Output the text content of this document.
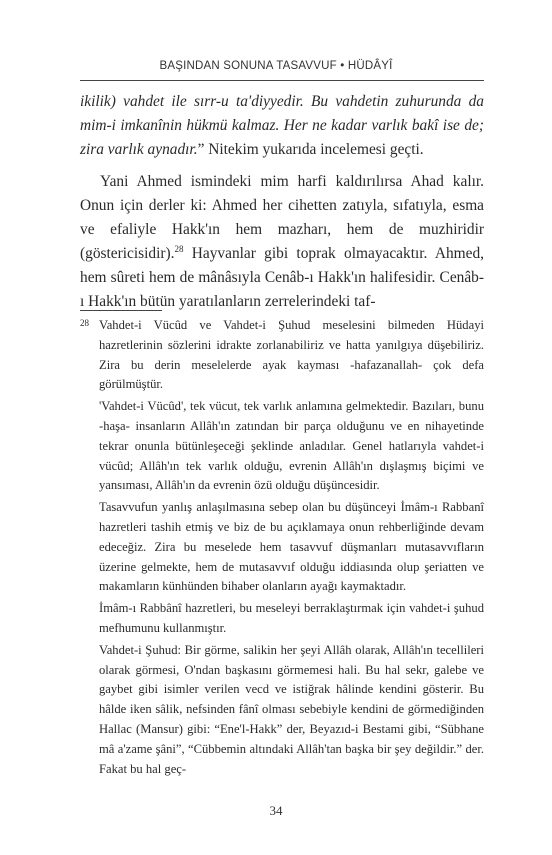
BAŞINDAN SONUNA TASAVVUF • HÜDÂYÎ

ikilik) vahdet ile sırr-u ta'diyyedir. Bu vahdetin zuhurunda da mim-i imkanînin hükmü kalmaz. Her ne kadar varlık bakî ise de; zira varlık aynadır.” Nitekim yukarıda incelemesi geçti.

Yani Ahmed ismindeki mim harfi kaldırılırsa Ahad kalır. Onun için derler ki: Ahmed her cihetten zatıyla, sıfatıyla, esma ve efaliyle Hakk'ın hem mazharı, hem de muzhiridir (göstericisidir).$^{28}$ Hayvanlar gibi toprak olmayacaktır. Ahmed, hem sûreti hem de mânâsıyla Cenâb-ı Hakk'ın halifesidir. Cenâb-ı Hakk'ın bütün yaratılanların zerrelerindeki taf-

28 Vahdet-i Vücûd ve Vahdet-i Şuhud meselesini bilmeden Hüdayi hazretlerinin sözlerini idrakte zorlanabiliriz ve hatta yanılgıya düşebiliriz. Zira bu derin meselelerde ayak kayması -hafazanallah- çok defa görülmüştür.

'Vahdet-i Vücûd', tek vücut, tek varlık anlamına gelmektedir. Bazıları, bunu -haşa- insanların Allâh'ın zatından bir parça olduğunu ve en nihayetinde tekrar onunla bütünleşeceği şeklinde anladılar. Genel hatlarıyla vahdet-i vücûd; Allâh'ın tek varlık olduğu, evrenin Allâh'ın dışlaşmış biçimi ve yansıması, Allâh'ın da evrenin özü olduğu düşüncesidir.

Tasavvufun yanlış anlaşılmasına sebep olan bu düşünceyi İmâm-ı Rabbanî hazretleri tashih etmiş ve biz de bu açıklamaya onun rehberliğinde devam edeceğiz. Zira bu meselede hem tasavvuf düşmanları mutasavvıfların üzerine gelmekte, hem de mutasavvıf olduğu iddiasında olup şeriatten ve makamların künhünden bihaber olanların ayağı kaymaktadır.

İmâm-ı Rabbânî hazretleri, bu meseleyi berraklaştırmak için vahdet-i şuhud mefhumunu kullanmıştır.

Vahdet-i Şuhud: Bir görme, salikin her şeyi Allâh olarak, Allâh'ın tecellileri olarak görmesi, O'ndan başkasını görmemesi hali. Bu hal sekr, galebe ve gaybet gibi isimler verilen vecd ve istiğrak hâlinde kendini gösterir. Bu hâlde iken sâlik, nefsinden fânî olması sebebiyle kendini de görmediğinden Hallac (Mansur) gibi: “Ene'l-Hakk” der, Beyazıd-i Bestami gibi, “Sübhane mâ a'zame şâni”, “Cübbemin altındaki Allâh'tan başka bir şey değildir.” der. Fakat bu hal geç-

34
